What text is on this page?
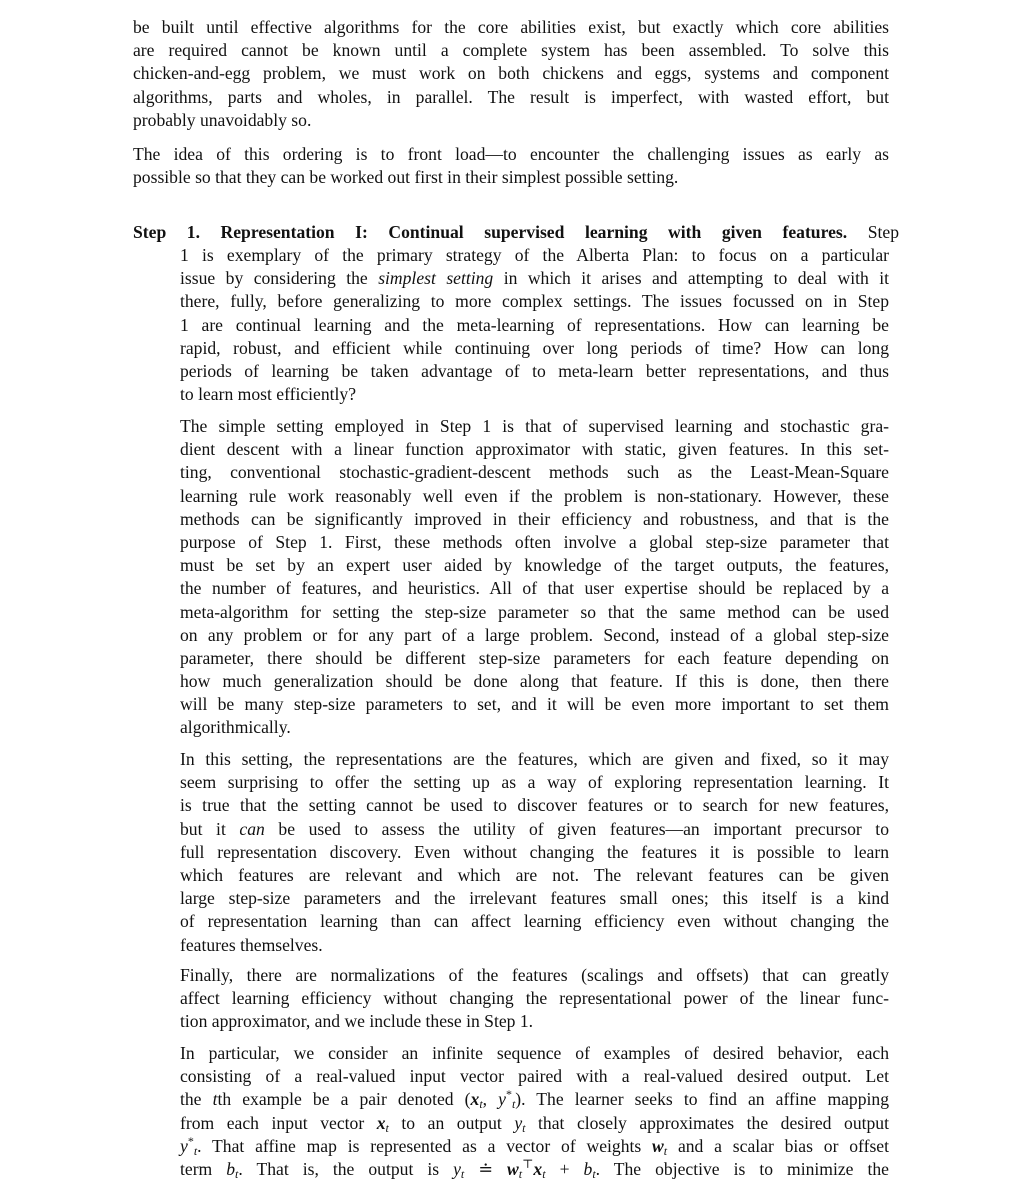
be built until effective algorithms for the core abilities exist, but exactly which core abilities
are required cannot be known until a complete system has been assembled. To solve this
chicken-and-egg problem, we must work on both chickens and eggs, systems and component
algorithms, parts and wholes, in parallel. The result is imperfect, with wasted effort, but
probably unavoidably so.
The idea of this ordering is to front load—to encounter the challenging issues as early as
possible so that they can be worked out first in their simplest possible setting.
Step 1. Representation I: Continual supervised learning with given features. Step
1 is exemplary of the primary strategy of the Alberta Plan: to focus on a particular
issue by considering the simplest setting in which it arises and attempting to deal with it
there, fully, before generalizing to more complex settings. The issues focussed on in Step
1 are continual learning and the meta-learning of representations. How can learning be
rapid, robust, and efficient while continuing over long periods of time? How can long
periods of learning be taken advantage of to meta-learn better representations, and thus
to learn most efficiently?
The simple setting employed in Step 1 is that of supervised learning and stochastic gra-
dient descent with a linear function approximator with static, given features. In this set-
ting, conventional stochastic-gradient-descent methods such as the Least-Mean-Square
learning rule work reasonably well even if the problem is non-stationary. However, these
methods can be significantly improved in their efficiency and robustness, and that is the
purpose of Step 1. First, these methods often involve a global step-size parameter that
must be set by an expert user aided by knowledge of the target outputs, the features,
the number of features, and heuristics. All of that user expertise should be replaced by a
meta-algorithm for setting the step-size parameter so that the same method can be used
on any problem or for any part of a large problem. Second, instead of a global step-size
parameter, there should be different step-size parameters for each feature depending on
how much generalization should be done along that feature. If this is done, then there
will be many step-size parameters to set, and it will be even more important to set them
algorithmically.
In this setting, the representations are the features, which are given and fixed, so it may
seem surprising to offer the setting up as a way of exploring representation learning. It
is true that the setting cannot be used to discover features or to search for new features,
but it can be used to assess the utility of given features—an important precursor to
full representation discovery. Even without changing the features it is possible to learn
which features are relevant and which are not. The relevant features can be given
large step-size parameters and the irrelevant features small ones; this itself is a kind
of representation learning than can affect learning efficiency even without changing the
features themselves.
Finally, there are normalizations of the features (scalings and offsets) that can greatly
affect learning efficiency without changing the representational power of the linear func-
tion approximator, and we include these in Step 1.
In particular, we consider an infinite sequence of examples of desired behavior, each
consisting of a real-valued input vector paired with a real-valued desired output. Let
the tth example be a pair denoted ($x_t$, $y^*_t$). The learner seeks to find an affine mapping
from each input vector $x_t$ to an output $y_t$ that closely approximates the desired output
$y^*_t$. That affine map is represented as a vector of weights $w_t$ and a scalar bias or offset
term $b_t$. That is, the output is $y_t$ ≐ $w_t^⊤x_t + b_t$. The objective is to minimize the
